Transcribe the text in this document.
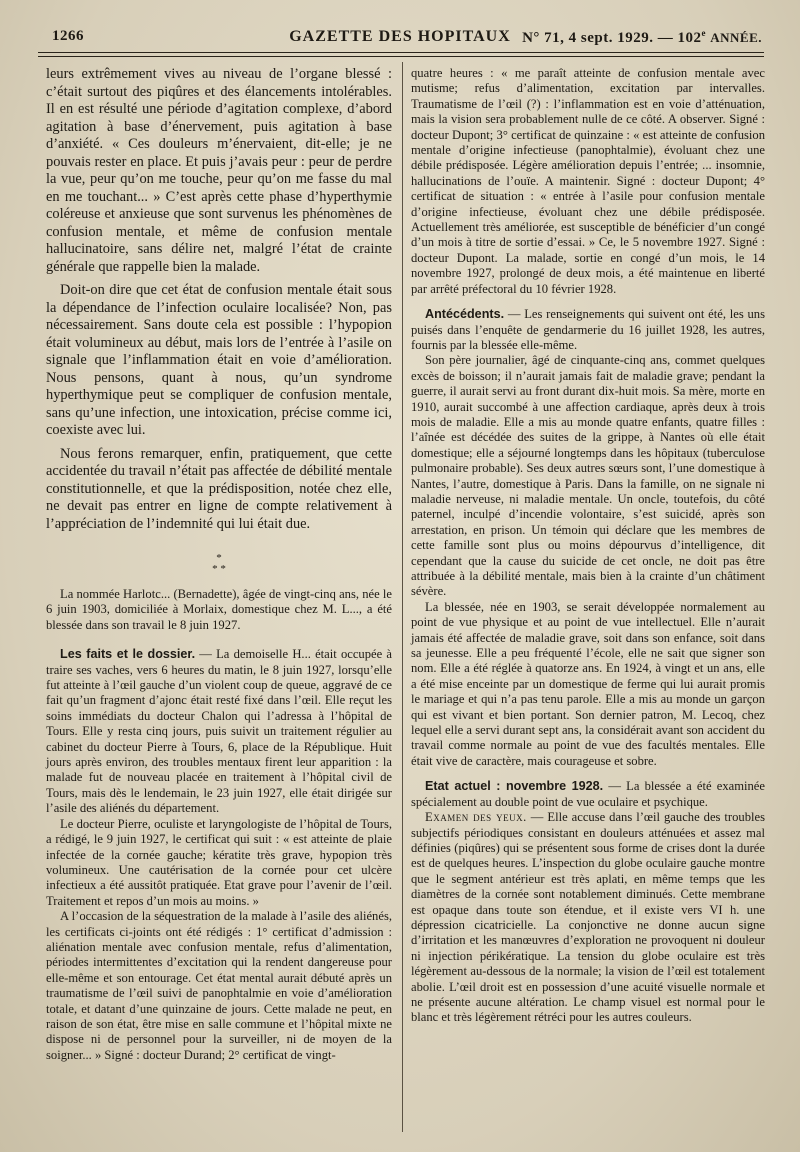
1266	GAZETTE DES HOPITAUX N° 71, 4 sept. 1929. — 102e ANNÉE.

leurs extrêmement vives au niveau de l’organe blessé : c’était surtout des piqûres et des élancements intolérables. Il en est résulté une période d’agitation complexe, d’abord agitation à base d’énervement, puis agitation à base d’anxiété. « Ces douleurs m’énervaient, dit-elle; je ne pouvais rester en place. Et puis j’avais peur : peur de perdre la vue, peur qu’on me touche, peur qu’on me fasse du mal en me touchant... » C’est après cette phase d’hyperthymie coléreuse et anxieuse que sont survenus les phénomènes de confusion mentale, et même de confusion mentale hallucinatoire, sans délire net, malgré l’état de crainte générale que rappelle bien la malade.

Doit-on dire que cet état de confusion mentale était sous la dépendance de l’infection oculaire localisée? Non, pas nécessairement. Sans doute cela est possible : l’hypopion était volumineux au début, mais lors de l’entrée à l’asile on signale que l’inflammation était en voie d’amélioration. Nous pensons, quant à nous, qu’un syndrome hyperthymique peut se compliquer de confusion mentale, sans qu’une infection, une intoxication, précise comme ici, coexiste avec lui.

Nous ferons remarquer, enfin, pratiquement, que cette accidentée du travail n’était pas affectée de débilité mentale constitutionnelle, et que la prédisposition, notée chez elle, ne devait pas entrer en ligne de compte relativement à l’appréciation de l’indemnité qui lui était due.

*
* *

La nommée Harlotc... (Bernadette), âgée de vingt-cinq ans, née le 6 juin 1903, domiciliée à Morlaix, domestique chez M. L..., a été blessée dans son travail le 8 juin 1927.

Les faits et le dossier. — La demoiselle H... était occupée à traire ses vaches, vers 6 heures du matin, le 8 juin 1927, lorsqu’elle fut atteinte à l’œil gauche d’un violent coup de queue, aggravé de ce fait qu’un fragment d’ajonc était resté fixé dans l’œil. Elle reçut les soins immédiats du docteur Chalon qui l’adressa à l’hôpital de Tours. Elle y resta cinq jours, puis suivit un traitement régulier au cabinet du docteur Pierre à Tours, 6, place de la République. Huit jours après environ, des troubles mentaux firent leur apparition : la malade fut de nouveau placée en traitement à l’hôpital civil de Tours, mais dès le lendemain, le 23 juin 1927, elle était dirigée sur l’asile des aliénés du département.

Le docteur Pierre, oculiste et laryngologiste de l’hôpital de Tours, a rédigé, le 9 juin 1927, le certificat qui suit : « est atteinte de plaie infectée de la cornée gauche; kératite très grave, hypopion très volumineux. Une cautérisation de la cornée pour cet ulcère infectieux a été aussitôt pratiquée. Etat grave pour l’avenir de l’œil. Traitement et repos d’un mois au moins. »

A l’occasion de la séquestration de la malade à l’asile des aliénés, les certificats ci-joints ont été rédigés : 1° certificat d’admission : aliénation mentale avec confusion mentale, refus d’alimentation, périodes intermittentes d’excitation qui la rendent dangereuse pour elle-même et son entourage. Cet état mental aurait débuté après un traumatisme de l’œil suivi de panophtalmie en voie d’amélioration totale, et datant d’une quinzaine de jours. Cette malade ne peut, en raison de son état, être mise en salle commune et l’hôpital mixte ne dispose ni de personnel pour la surveiller, ni de moyen de la soigner... » Signé : docteur Durand; 2° certificat de vingt-

quatre heures : « me paraît atteinte de confusion mentale avec mutisme; refus d’alimentation, excitation par intervalles. Traumatisme de l’œil (?) : l’inflammation est en voie d’atténuation, mais la vision sera probablement nulle de ce côté. A observer. Signé : docteur Dupont; 3° certificat de quinzaine : « est atteinte de confusion mentale d’origine infectieuse (panophtalmie), évoluant chez une débile prédisposée. Légère amélioration depuis l’entrée; ... insomnie, hallucinations de l’ouïe. A maintenir. Signé : docteur Dupont; 4° certificat de situation : « entrée à l’asile pour confusion mentale d’origine infectieuse, évoluant chez une débile prédisposée. Actuellement très améliorée, est susceptible de bénéficier d’un congé d’un mois à titre de sortie d’essai. » Ce, le 5 novembre 1927. Signé : docteur Dupont. La malade, sortie en congé d’un mois, le 14 novembre 1927, prolongé de deux mois, a été maintenue en liberté par arrêté préfectoral du 10 février 1928.

Antécédents. — Les renseignements qui suivent ont été, les uns puisés dans l’enquête de gendarmerie du 16 juillet 1928, les autres, fournis par la blessée elle-même.

Son père journalier, âgé de cinquante-cinq ans, commet quelques excès de boisson; il n’aurait jamais fait de maladie grave; pendant la guerre, il aurait servi au front durant dix-huit mois. Sa mère, morte en 1910, aurait succombé à une affection cardiaque, après deux à trois mois de maladie. Elle a mis au monde quatre enfants, quatre filles : l’aînée est décédée des suites de la grippe, à Nantes où elle était domestique; elle a séjourné longtemps dans les hôpitaux (tuberculose pulmonaire probable). Ses deux autres sœurs sont, l’une domestique à Nantes, l’autre, domestique à Paris. Dans la famille, on ne signale ni maladie nerveuse, ni maladie mentale. Un oncle, toutefois, du côté paternel, inculpé d’incendie volontaire, s’est suicidé, après son arrestation, en prison. Un témoin qui déclare que les membres de cette famille sont plus ou moins dépourvus d’intelligence, dit cependant que la cause du suicide de cet oncle, ne doit pas être attribuée à la débilité mentale, mais bien à la crainte d’un châtiment sévère.

La blessée, née en 1903, se serait développée normalement au point de vue physique et au point de vue intellectuel. Elle n’aurait jamais été affectée de maladie grave, soit dans son enfance, soit dans sa jeunesse. Elle a peu fréquenté l’école, elle ne sait que signer son nom. Elle a été réglée à quatorze ans. En 1924, à vingt et un ans, elle a été mise enceinte par un domestique de ferme qui lui aurait promis le mariage et qui n’a pas tenu parole. Elle a mis au monde un garçon qui est vivant et bien portant. Son dernier patron, M. Lecoq, chez lequel elle a servi durant sept ans, la considérait avant son accident du travail comme normale au point de vue des facultés mentales. Elle était vive de caractère, mais courageuse et sobre.

Etat actuel : novembre 1928. — La blessée a été examinée spécialement au double point de vue oculaire et psychique.

Examen des yeux. — Elle accuse dans l’œil gauche des troubles subjectifs périodiques consistant en douleurs atténuées et assez mal définies (piqûres) qui se présentent sous forme de crises dont la durée est de quelques heures. L’inspection du globe oculaire gauche montre que le segment antérieur est très aplati, en même temps que les diamètres de la cornée sont notablement diminués. Cette membrane est opaque dans toute son étendue, et il existe vers VI h. une dépression cicatricielle. La conjonctive ne donne aucun signe d’irritation et les manœuvres d’exploration ne provoquent ni douleur ni injection périkératique. La tension du globe oculaire est très légèrement au-dessous de la normale; la vision de l’œil est totalement abolie. L’œil droit est en possession d’une acuité visuelle normale et ne présente aucune altération. Le champ visuel est normal pour le blanc et très légèrement rétréci pour les autres couleurs.
